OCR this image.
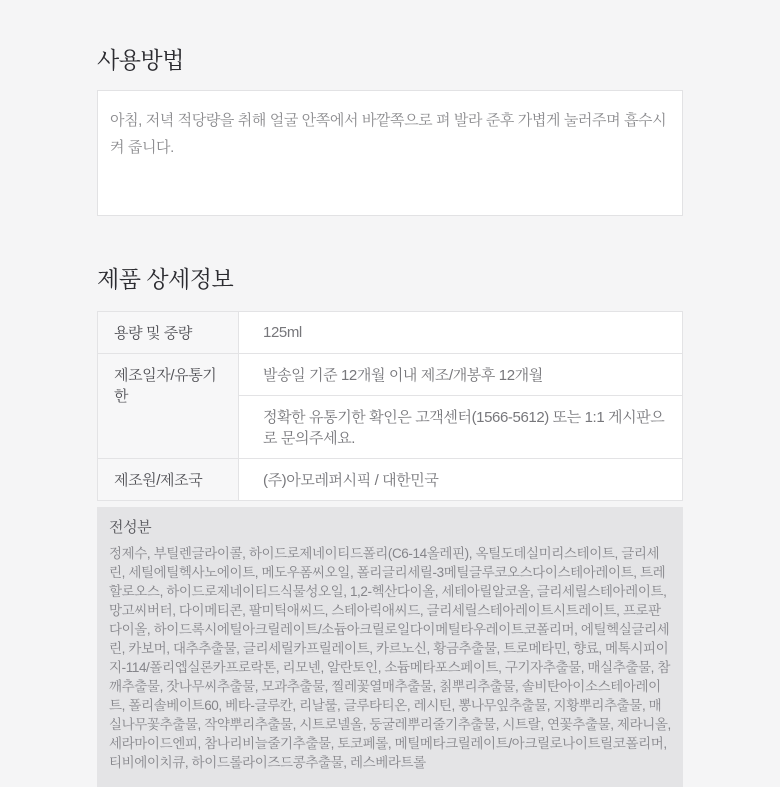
사용방법

아침, 저녁 적당량을 취해 얼굴 안쪽에서 바깥쪽으로 펴 발라 준후 가볍게 눌러주며 흡수시켜 줍니다.

제품 상세정보
용량 및 중량	125ml
제조일자/유통기한	발송일 기준 12개월 이내 제조/개봉후 12개월
	정확한 유통기한 확인은 고객센터(1566-5612) 또는 1:1 게시판으로 문의주세요.
제조원/제조국	(주)아모레퍼시픽 / 대한민국
전성분

정제수, 부틸렌글라이콜, 하이드로제네이티드폴리(C6-14올레핀), 옥틸도데실미리스테이트, 글리세린, 세틸에틸헥사노에이트, 메도우폼씨오일, 폴리글리세릴-3메틸글루코오스다이스테아레이트, 트레할로오스, 하이드로제네이티드식물성오일, 1,2-헥산다이올, 세테아릴알코올, 글리세릴스테아레이트, 망고씨버터, 다이메티콘, 팔미틱애씨드, 스테아릭애씨드, 글리세릴스테아레이트시트레이트, 프로판다이올, 하이드록시에틸아크릴레이트/소듐아크릴로일다이메틸타우레이트코폴리머, 에틸헥실글리세린, 카보머, 대추추출물, 글리세릴카프릴레이트, 카르노신, 황금추출물, 트로메타민, 향료, 메톡시피이지-114/폴리엡실론카프로락톤, 리모넨, 알란토인, 소듐메타포스페이트, 구기자추출물, 매실추출물, 참깨추출물, 잣나무씨추출물, 모과추출물, 찔레꽃열매추출물, 칡뿌리추출물, 솔비탄아이소스테아레이트, 폴리솔베이트60, 베타-글루칸, 리날룰, 글루타티온, 레시틴, 뽕나무잎추출물, 지황뿌리추출물, 매실나무꽃추출물, 작약뿌리추출물, 시트로넬올, 둥굴레뿌리줄기추출물, 시트랄, 연꽃추출물, 제라니올, 세라마이드엔피, 참나리비늘줄기추출물, 토코페롤, 메틸메타크릴레이트/아크릴로나이트릴코폴리머, 티비에이치큐, 하이드롤라이즈드콩추출물, 레스베라트롤
